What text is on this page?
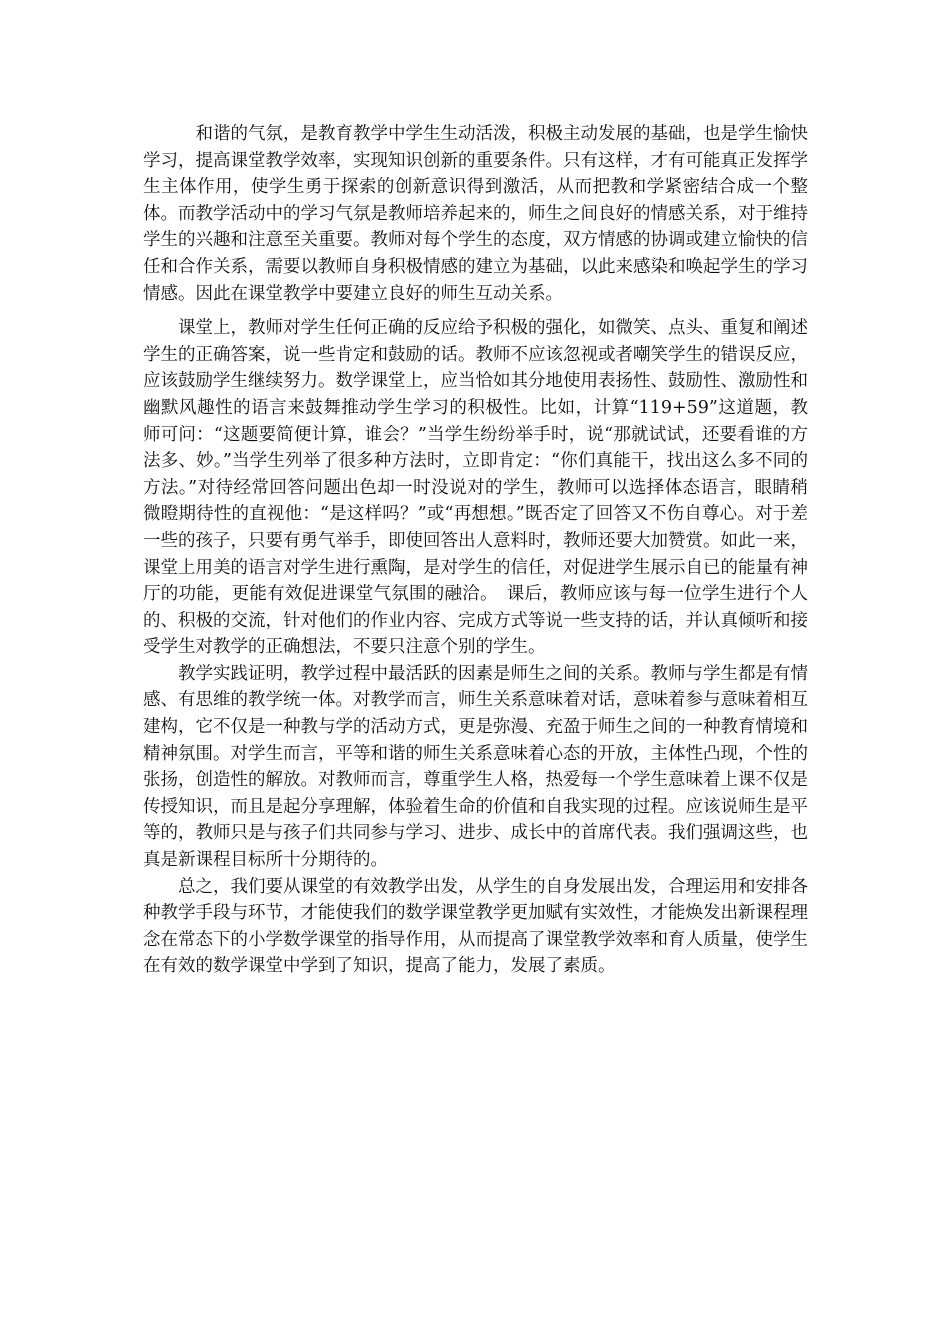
和谐的气氛，是教育教学中学生生动活泼，积极主动发展的基础，也是学生愉快学习，提高课堂教学效率，实现知识创新的重要条件。只有这样，才有可能真正发挥学生主体作用，使学生勇于探索的创新意识得到激活，从而把教和学紧密结合成一个整体。而教学活动中的学习气氛是教师培养起来的，师生之间良好的情感关系，对于维持学生的兴趣和注意至关重要。教师对每个学生的态度，双方情感的协调或建立愉快的信任和合作关系，需要以教师自身积极情感的建立为基础，以此来感染和唤起学生的学习情感。因此在课堂教学中要建立良好的师生互动关系。

课堂上，教师对学生任何正确的反应给予积极的强化，如微笑、点头、重复和阐述学生的正确答案，说一些肯定和鼓励的话。教师不应该忽视或者嘲笑学生的错误反应，应该鼓励学生继续努力。数学课堂上，应当恰如其分地使用表扬性、鼓励性、激励性和幽默风趣性的语言来鼓舞推动学生学习的积极性。比如，计算“119+59”这道题，教师可问：“这题要简便计算，谁会？”当学生纷纷举手时，说“那就试试，还要看谁的方法多、妙。”当学生列举了很多种方法时，立即肯定：“你们真能干，找出这么多不同的方法。”对待经常回答问题出色却一时没说对的学生，教师可以选择体态语言，眼睛稍微瞪期待性的直视他：“是这样吗？”或“再想想。”既否定了回答又不伤自尊心。对于差一些的孩子，只要有勇气举手，即使回答出人意料时，教师还要大加赞赏。如此一来，课堂上用美的语言对学生进行熏陶，是对学生的信任，对促进学生展示自已的能量有神厅的功能，更能有效促进课堂气氛围的融洽。　课后，教师应该与每一位学生进行个人的、积极的交流，针对他们的作业内容、完成方式等说一些支持的话，并认真倾听和接受学生对教学的正确想法，不要只注意个别的学生。

教学实践证明，教学过程中最活跃的因素是师生之间的关系。教师与学生都是有情感、有思维的教学统一体。对教学而言，师生关系意味着对话，意味着参与意味着相互建构，它不仅是一种教与学的活动方式，更是弥漫、充盈于师生之间的一种教育情境和精神氛围。对学生而言，平等和谐的师生关系意味着心态的开放，主体性凸现，个性的张扬，创造性的解放。对教师而言，尊重学生人格，热爱每一个学生意味着上课不仅是传授知识，而且是起分享理解，体验着生命的价值和自我实现的过程。应该说师生是平等的，教师只是与孩子们共同参与学习、进步、成长中的首席代表。我们强调这些，也真是新课程目标所十分期待的。

总之，我们要从课堂的有效教学出发，从学生的自身发展出发，合理运用和安排各种教学手段与环节，才能使我们的数学课堂教学更加赋有实效性，才能焕发出新课程理念在常态下的小学数学课堂的指导作用，从而提高了课堂教学效率和育人质量，使学生在有效的数学课堂中学到了知识，提高了能力，发展了素质。
